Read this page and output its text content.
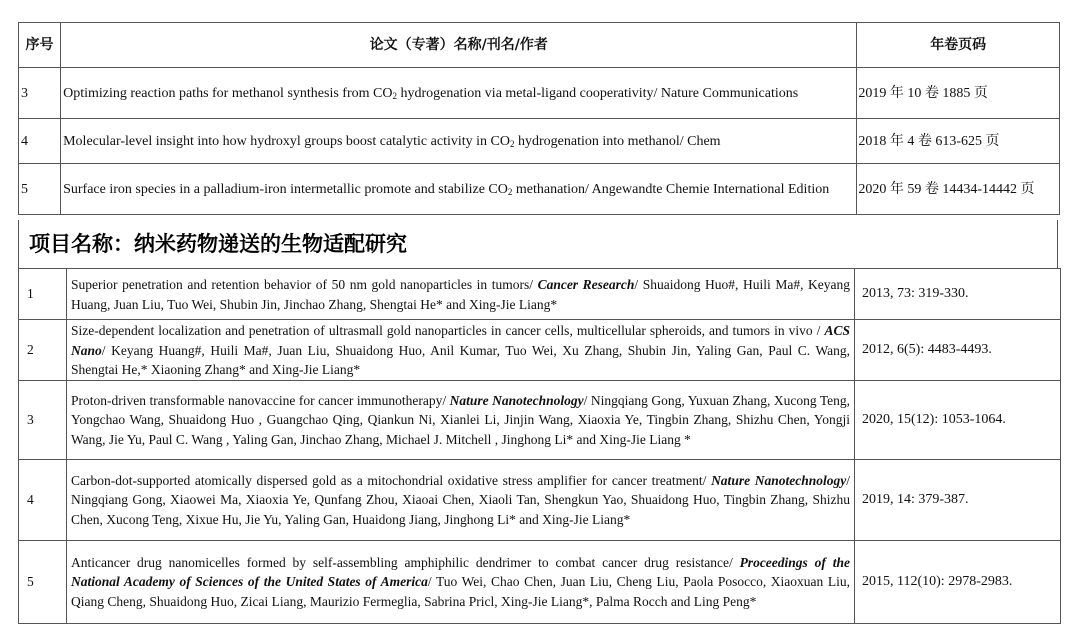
序号	论文（专著）名称/刊名/作者	年卷页码
3	Optimizing reaction paths for methanol synthesis from $CO_2$ hydrogenation via metal-ligand cooperativity/ Nature Communications	2019 年 10 卷 1885 页
4	Molecular-level insight into how hydroxyl groups boost catalytic activity in $CO_2$ hydrogenation into methanol/ Chem	2018 年 4 卷 613-625 页
5	Surface iron species in a palladium-iron intermetallic promote and stabilize $CO_2$ methanation/ Angewandte Chemie International Edition	2020 年 59 卷 14434-14442 页
项目名称：纳米药物递送的生物适配研究
1	Superior penetration and retention behavior of 50 nm gold nanoparticles in tumors/ Cancer Research/ Shuaidong Huo#, Huili Ma#, Keyang Huang, Juan Liu, Tuo Wei, Shubin Jin, Jinchao Zhang, Shengtai He* and Xing-Jie Liang*	2013, 73: 319-330.
2	Size-dependent localization and penetration of ultrasmall gold nanoparticles in cancer cells, multicellular spheroids, and tumors in vivo / ACS Nano/ Keyang Huang#, Huili Ma#, Juan Liu, Shuaidong Huo, Anil Kumar, Tuo Wei, Xu Zhang, Shubin Jin, Yaling Gan, Paul C. Wang, Shengtai He,* Xiaoning Zhang* and Xing-Jie Liang*	2012, 6(5): 4483-4493.
3	Proton-driven transformable nanovaccine for cancer immunotherapy/ Nature Nanotechnology/ Ningqiang Gong, Yuxuan Zhang, Xucong Teng, Yongchao Wang, Shuaidong Huo , Guangchao Qing, Qiankun Ni, Xianlei Li, Jinjin Wang, Xiaoxia Ye, Tingbin Zhang, Shizhu Chen, Yongji Wang, Jie Yu, Paul C. Wang , Yaling Gan, Jinchao Zhang, Michael J. Mitchell , Jinghong Li* and Xing-Jie Liang *	2020, 15(12): 1053-1064.
4	Carbon-dot-supported atomically dispersed gold as a mitochondrial oxidative stress amplifier for cancer treatment/ Nature Nanotechnology/ Ningqiang Gong, Xiaowei Ma, Xiaoxia Ye, Qunfang Zhou, Xiaoai Chen, Xiaoli Tan, Shengkun Yao, Shuaidong Huo, Tingbin Zhang, Shizhu Chen, Xucong Teng, Xixue Hu, Jie Yu, Yaling Gan, Huaidong Jiang, Jinghong Li* and Xing-Jie Liang*	2019, 14: 379-387.
5	Anticancer drug nanomicelles formed by self-assembling amphiphilic dendrimer to combat cancer drug resistance/ Proceedings of the National Academy of Sciences of the United States of America/ Tuo Wei, Chao Chen, Juan Liu, Cheng Liu, Paola Posocco, Xiaoxuan Liu, Qiang Cheng, Shuaidong Huo, Zicai Liang, Maurizio Fermeglia, Sabrina Pricl, Xing-Jie Liang*, Palma Rocch and Ling Peng*	2015, 112(10): 2978-2983.
